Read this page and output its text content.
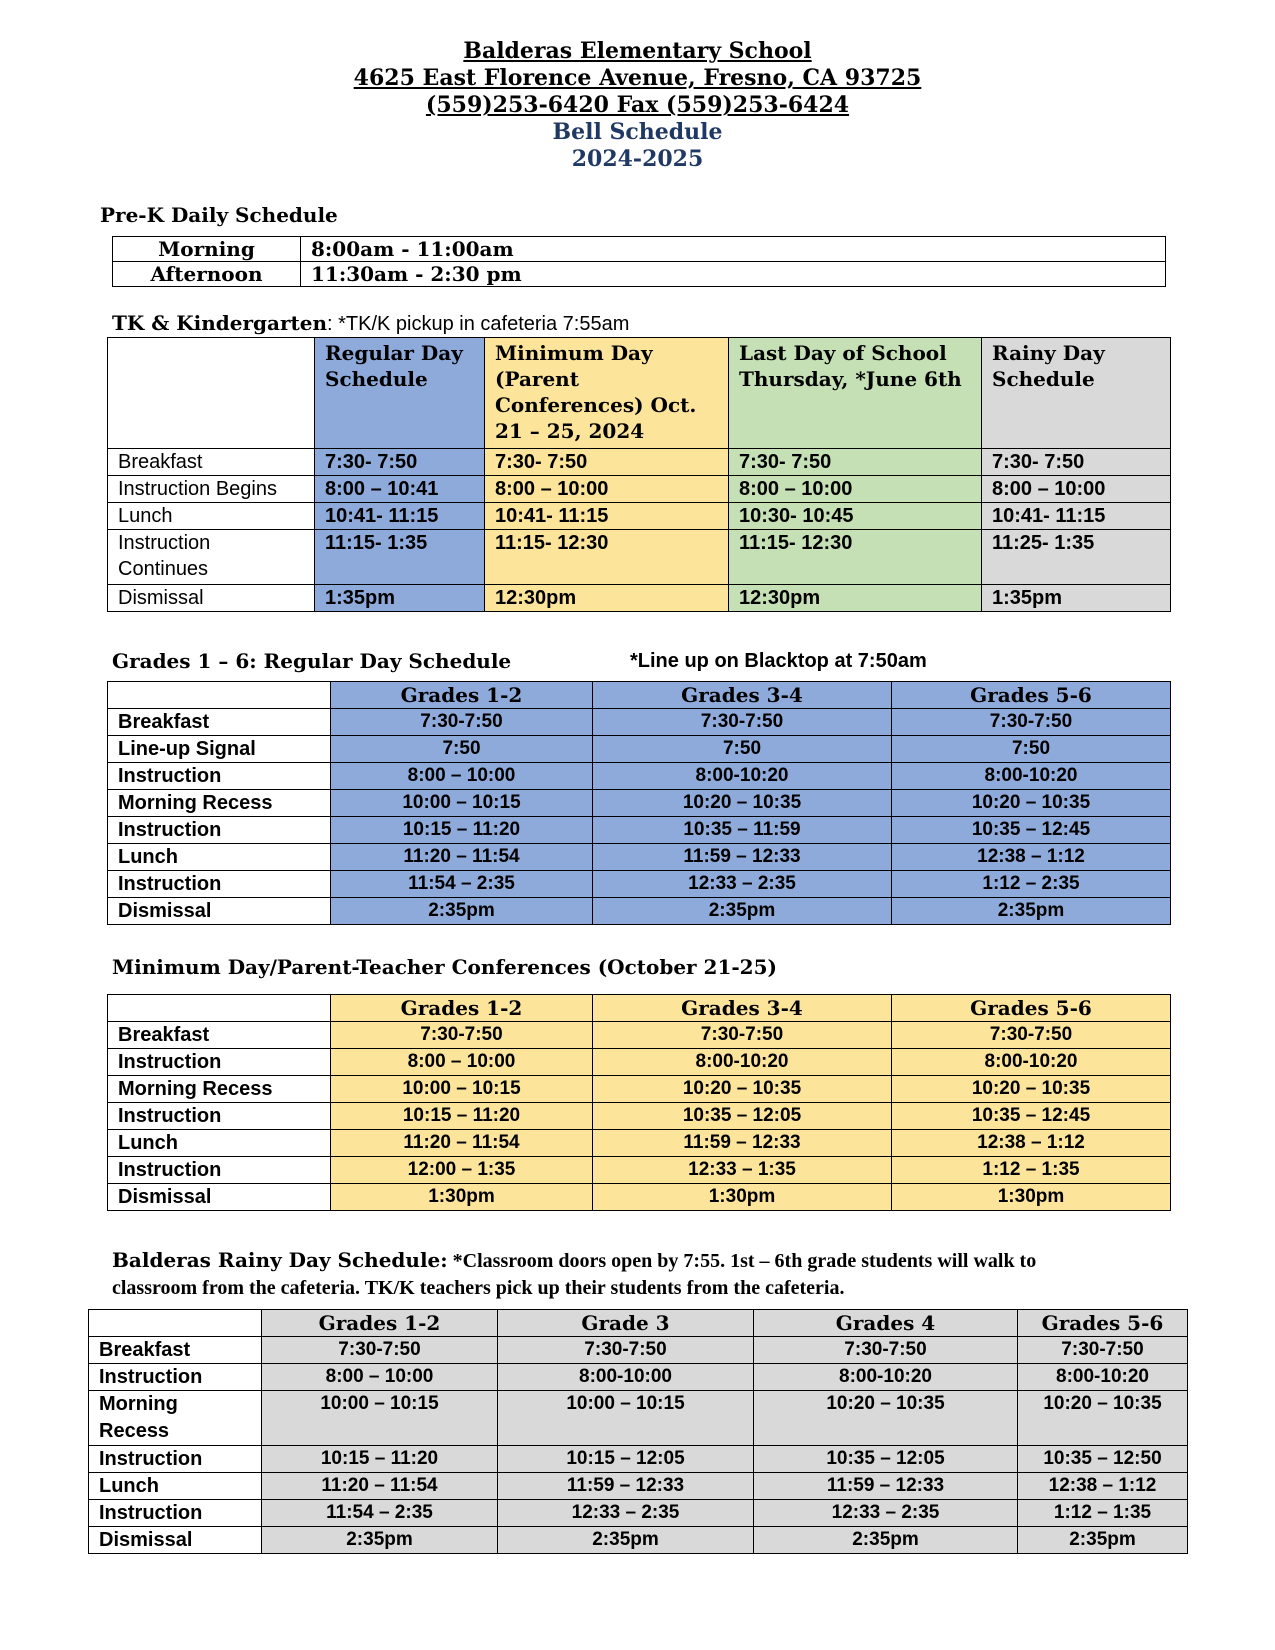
Balderas Elementary School
4625 East Florence Avenue, Fresno, CA 93725
(559)253-6420 Fax (559)253-6424
Bell Schedule
2024-2025
Pre-K Daily Schedule
Morning	8:00am - 11:00am
Afternoon	11:30am - 2:30 pm
TK & Kindergarten: *TK/K pickup in cafeteria 7:55am
	Regular Day Schedule	Minimum Day (Parent Conferences) Oct. 21 – 25, 2024	Last Day of School Thursday, *June 6th	Rainy Day Schedule
Breakfast	7:30- 7:50	7:30- 7:50	7:30- 7:50	7:30- 7:50
Instruction Begins	8:00 – 10:41	8:00 – 10:00	8:00 – 10:00	8:00 – 10:00
Lunch	10:41- 11:15	10:41- 11:15	10:30- 10:45	10:41- 11:15
Instruction Continues	11:15- 1:35	11:15- 12:30	11:15- 12:30	11:25- 1:35
Dismissal	1:35pm	12:30pm	12:30pm	1:35pm
Grades 1 – 6: Regular Day Schedule	*Line up on Blacktop at 7:50am
	Grades 1-2	Grades 3-4	Grades 5-6
Breakfast	7:30-7:50	7:30-7:50	7:30-7:50
Line-up Signal	7:50	7:50	7:50
Instruction	8:00 – 10:00	8:00-10:20	8:00-10:20
Morning Recess	10:00 – 10:15	10:20 – 10:35	10:20 – 10:35
Instruction	10:15 – 11:20	10:35 – 11:59	10:35 – 12:45
Lunch	11:20 – 11:54	11:59 – 12:33	12:38 – 1:12
Instruction	11:54 – 2:35	12:33 – 2:35	1:12 – 2:35
Dismissal	2:35pm	2:35pm	2:35pm
Minimum Day/Parent-Teacher Conferences (October 21-25)
	Grades 1-2	Grades 3-4	Grades 5-6
Breakfast	7:30-7:50	7:30-7:50	7:30-7:50
Instruction	8:00 – 10:00	8:00-10:20	8:00-10:20
Morning Recess	10:00 – 10:15	10:20 – 10:35	10:20 – 10:35
Instruction	10:15 – 11:20	10:35 – 12:05	10:35 – 12:45
Lunch	11:20 – 11:54	11:59 – 12:33	12:38 – 1:12
Instruction	12:00 – 1:35	12:33 – 1:35	1:12 – 1:35
Dismissal	1:30pm	1:30pm	1:30pm
Balderas Rainy Day Schedule: *Classroom doors open by 7:55. 1st – 6th grade students will walk to
classroom from the cafeteria. TK/K teachers pick up their students from the cafeteria.
	Grades 1-2	Grade 3	Grades 4	Grades 5-6
Breakfast	7:30-7:50	7:30-7:50	7:30-7:50	7:30-7:50
Instruction	8:00 – 10:00	8:00-10:00	8:00-10:20	8:00-10:20
Morning Recess	10:00 – 10:15	10:00 – 10:15	10:20 – 10:35	10:20 – 10:35
Instruction	10:15 – 11:20	10:15 – 12:05	10:35 – 12:05	10:35 – 12:50
Lunch	11:20 – 11:54	11:59 – 12:33	11:59 – 12:33	12:38 – 1:12
Instruction	11:54 – 2:35	12:33 – 2:35	12:33 – 2:35	1:12 – 1:35
Dismissal	2:35pm	2:35pm	2:35pm	2:35pm
